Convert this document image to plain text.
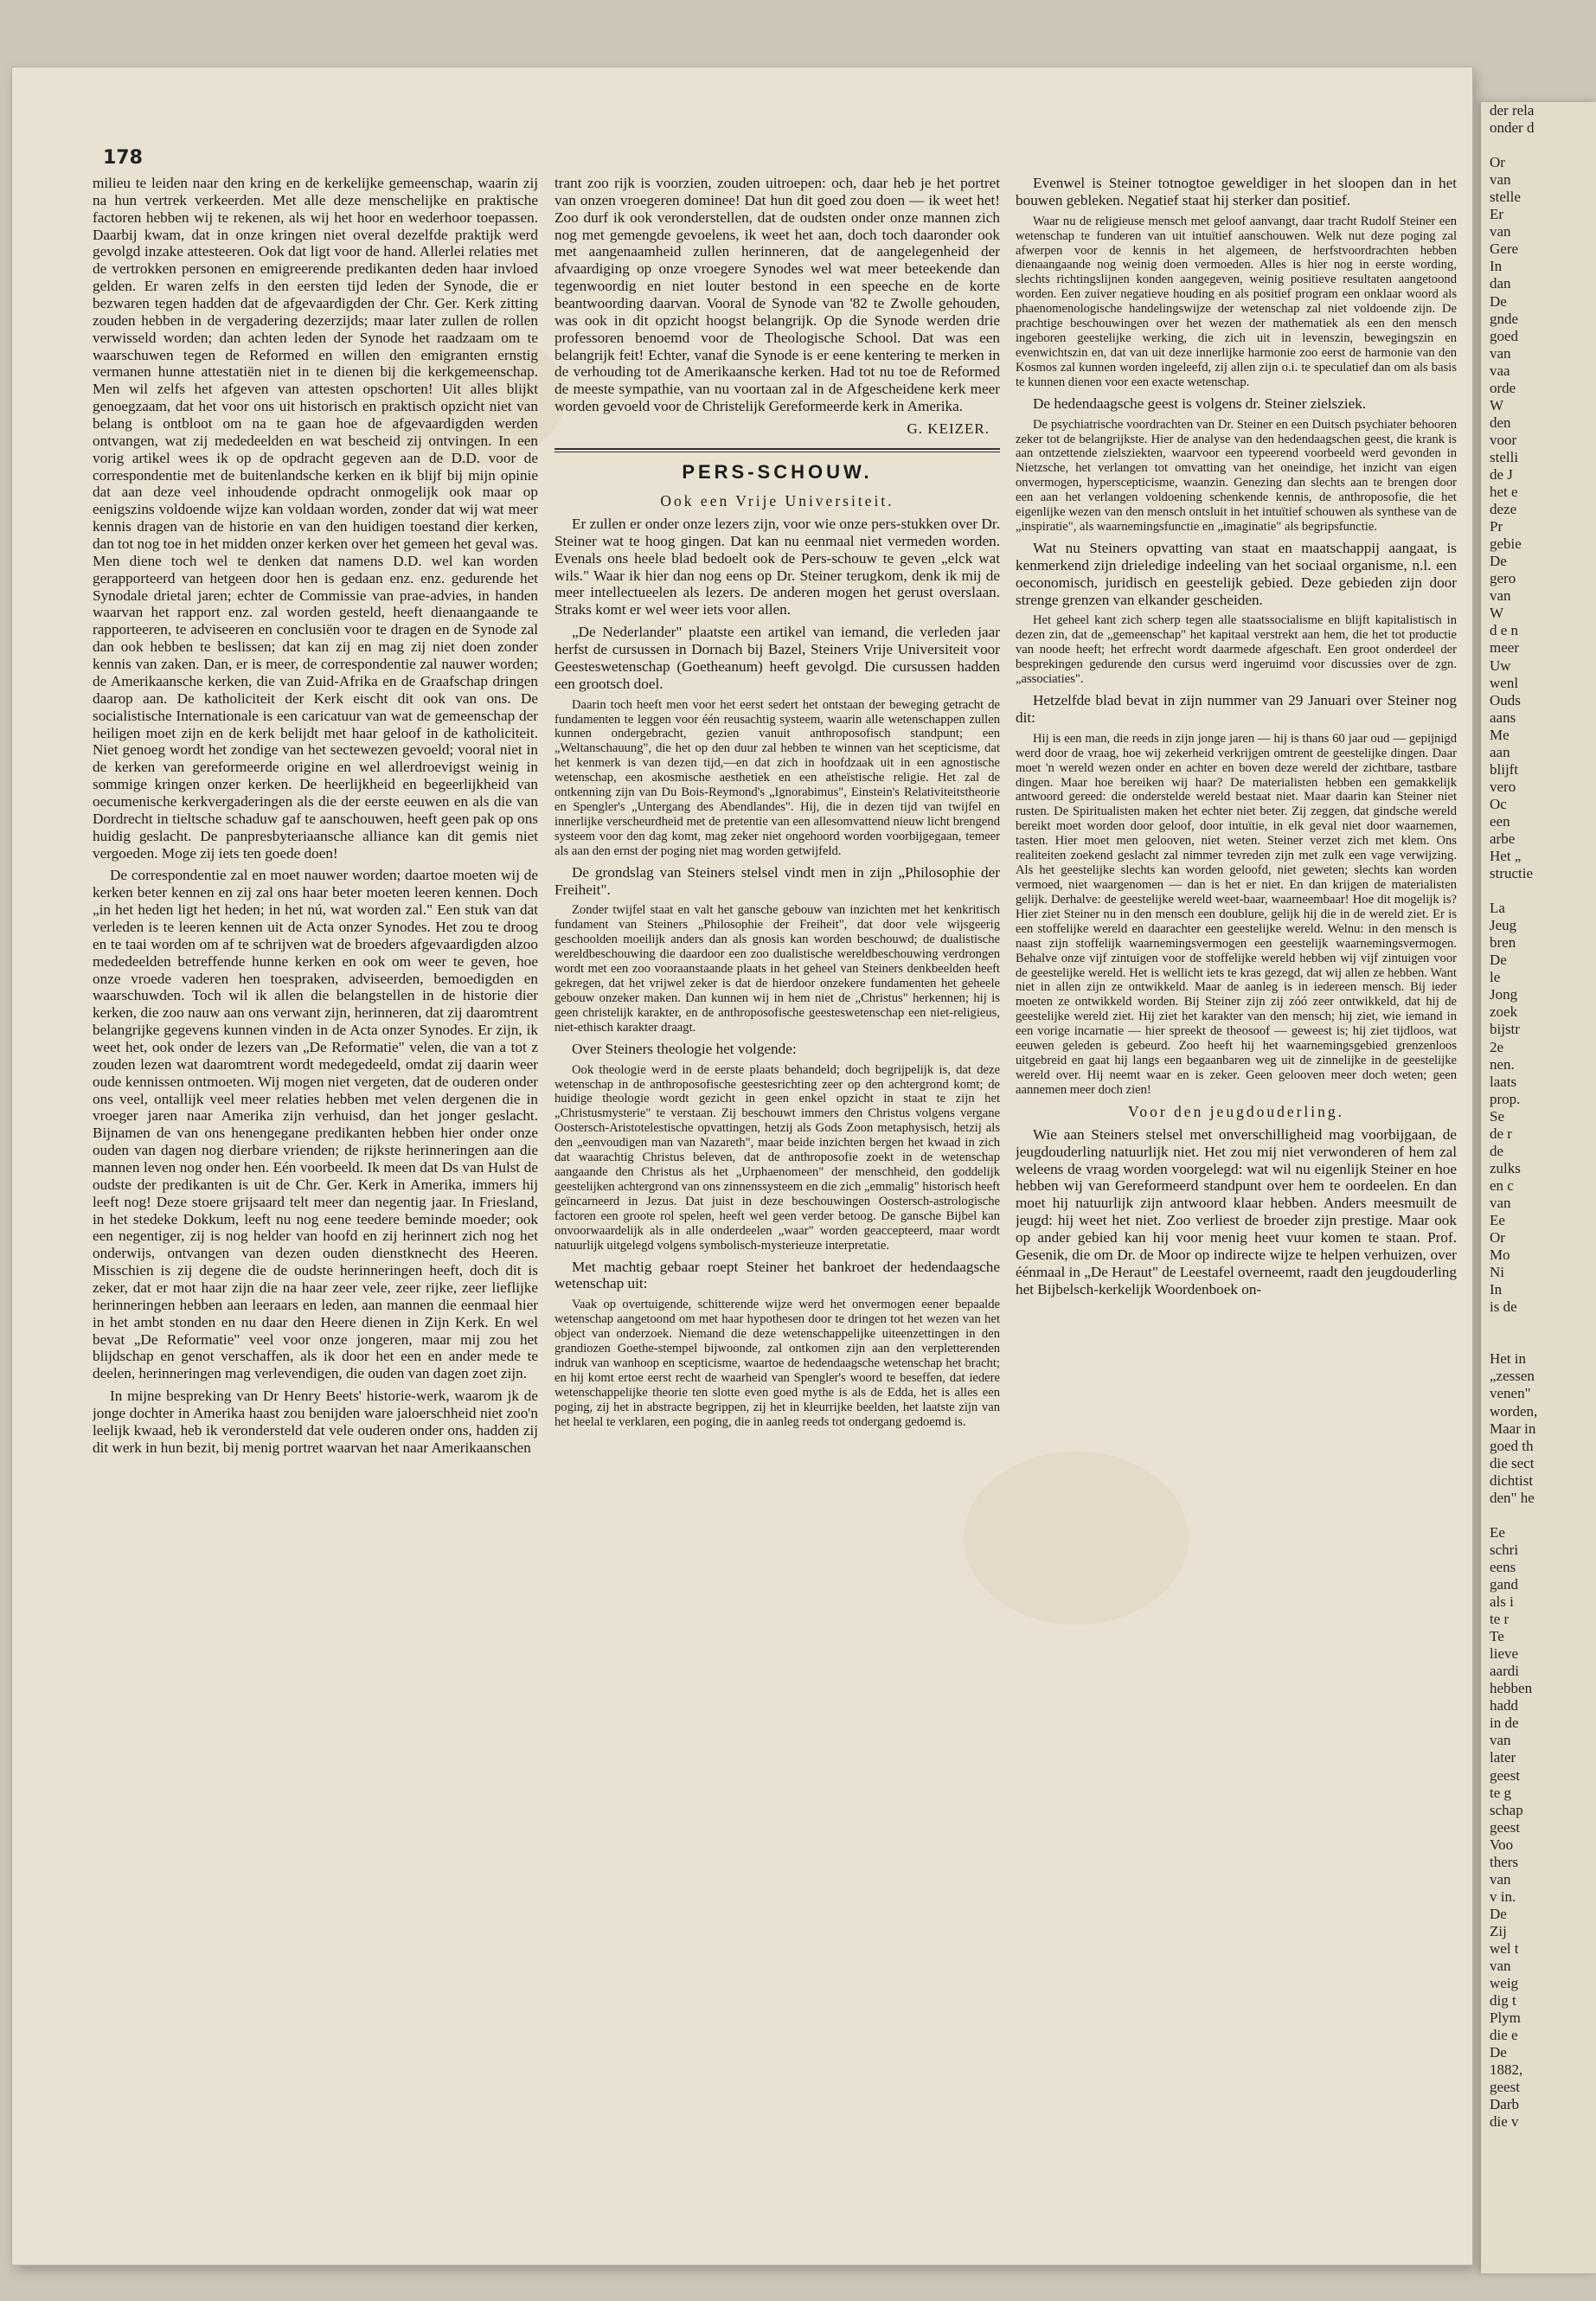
178

milieu te leiden naar den kring en de kerkelijke gemeenschap, waarin zij na hun vertrek verkeerden. Met alle deze menschelijke en praktische factoren hebben wij te rekenen, als wij het hoor en wederhoor toepassen. Daarbij kwam, dat in onze kringen niet overal dezelfde praktijk werd gevolgd inzake attesteeren. Ook dat ligt voor de hand. Allerlei relaties met de vertrokken personen en emigreerende predikanten deden haar invloed gelden. Er waren zelfs in den eersten tijd leden der Synode, die er bezwaren tegen hadden dat de afgevaardigden der Chr. Ger. Kerk zitting zouden hebben in de vergadering dezerzijds; maar later zullen de rollen verwisseld worden; dan achten leden der Synode het raadzaam om te waarschuwen tegen de Reformed en willen den emigranten ernstig vermanen hunne attestatiën niet in te dienen bij die kerkgemeenschap. Men wil zelfs het afgeven van attesten opschorten! Uit alles blijkt genoegzaam, dat het voor ons uit historisch en praktisch opzicht niet van belang is ontbloot om na te gaan hoe de afgevaardigden werden ontvangen, wat zij mededeelden en wat bescheid zij ontvingen. In een vorig artikel wees ik op de opdracht gegeven aan de D.D. voor de correspondentie met de buitenlandsche kerken en ik blijf bij mijn opinie dat aan deze veel inhoudende opdracht onmogelijk ook maar op eenigszins voldoende wijze kan voldaan worden, zonder dat wij wat meer kennis dragen van de historie en van den huidigen toestand dier kerken, dan tot nog toe in het midden onzer kerken over het gemeen het geval was. Men diene toch wel te denken dat namens D.D. wel kan worden gerapporteerd van hetgeen door hen is gedaan enz. enz. gedurende het Synodale drietal jaren; echter de Commissie van prae-advies, in handen waarvan het rapport enz. zal worden gesteld, heeft dienaangaande te rapporteeren, te adviseeren en conclusiën voor te dragen en de Synode zal dan ook hebben te beslissen; dat kan zij en mag zij niet doen zonder kennis van zaken. Dan, er is meer, de correspondentie zal nauwer worden; de Amerikaansche kerken, die van Zuid-Afrika en de Graafschap dringen daarop aan. De katholiciteit der Kerk eischt dit ook van ons. De socialistische Internationale is een caricatuur van wat de gemeenschap der heiligen moet zijn en de kerk belijdt met haar geloof in de katholiciteit. Niet genoeg wordt het zondige van het sectewezen gevoeld; vooral niet in de kerken van gereformeerde origine en wel allerdroevigst weinig in sommige kringen onzer kerken. De heerlijkheid en begeerlijkheid van oecumenische kerkvergaderingen als die der eerste eeuwen en als die van Dordrecht in tieltsche schaduw gaf te aanschouwen, heeft geen pak op ons huidig geslacht. De panpresbyteriaansche alliance kan dit gemis niet vergoeden. Moge zij iets ten goede doen!

De correspondentie zal en moet nauwer worden; daartoe moeten wij de kerken beter kennen en zij zal ons haar beter moeten leeren kennen. Doch „in het heden ligt het heden; in het nú, wat worden zal." Een stuk van dat verleden is te leeren kennen uit de Acta onzer Synodes. Het zou te droog en te taai worden om af te schrijven wat de broeders afgevaardigden alzoo mededeelden betreffende hunne kerken en ook om weer te geven, hoe onze vroede vaderen hen toespraken, adviseerden, bemoedigden en waarschuwden. Toch wil ik allen die belangstellen in de historie dier kerken, die zoo nauw aan ons verwant zijn, herinneren, dat zij daaromtrent belangrijke gegevens kunnen vinden in de Acta onzer Synodes. Er zijn, ik weet het, ook onder de lezers van „De Reformatie" velen, die van a tot z zouden lezen wat daaromtrent wordt medegedeeld, omdat zij daarin weer oude kennissen ontmoeten. Wij mogen niet vergeten, dat de ouderen onder ons veel, ontallijk veel meer relaties hebben met velen dergenen die in vroeger jaren naar Amerika zijn verhuisd, dan het jonger geslacht. Bijnamen de van ons henengegane predikanten hebben hier onder onze ouden van dagen nog dierbare vrienden; de rijkste herinneringen aan die mannen leven nog onder hen. Eén voorbeeld. Ik meen dat Ds van Hulst de oudste der predikanten is uit de Chr. Ger. Kerk in Amerika, immers hij leeft nog! Deze stoere grijsaard telt meer dan negentig jaar. In Friesland, in het stedeke Dokkum, leeft nu nog eene teedere beminde moeder; ook een negentiger, zij is nog helder van hoofd en zij herinnert zich nog het onderwijs, ontvangen van dezen ouden dienstknecht des Heeren. Misschien is zij degene die de oudste herinneringen heeft, doch dit is zeker, dat er mot haar zijn die na haar zeer vele, zeer rijke, zeer lieflijke herinneringen hebben aan leeraars en leden, aan mannen die eenmaal hier in het ambt stonden en nu daar den Heere dienen in Zijn Kerk. En wel bevat „De Reformatie" veel voor onze jongeren, maar mij zou het blijdschap en genot verschaffen, als ik door het een en ander mede te deelen, herinneringen mag verlevendigen, die ouden van dagen zoet zijn.

In mijne bespreking van Dr Henry Beets' historie-werk, waarom jk de jonge dochter in Amerika haast zou benijden ware jaloerschheid niet zoo'n leelijk kwaad, heb ik verondersteld dat vele ouderen onder ons, hadden zij dit werk in hun bezit, bij menig portret waarvan het naar Amerikaanschen

trant zoo rijk is voorzien, zouden uitroepen: och, daar heb je het portret van onzen vroegeren dominee! Dat hun dit goed zou doen — ik weet het! Zoo durf ik ook veronderstellen, dat de oudsten onder onze mannen zich nog met gemengde gevoelens, ik weet het aan, doch toch daaronder ook met aangenaamheid zullen herinneren, dat de aangelegenheid der afvaardiging op onze vroegere Synodes wel wat meer beteekende dan tegenwoordig en niet louter bestond in een speeche en de korte beantwoording daarvan. Vooral de Synode van '82 te Zwolle gehouden, was ook in dit opzicht hoogst belangrijk. Op die Synode werden drie professoren benoemd voor de Theologische School. Dat was een belangrijk feit! Echter, vanaf die Synode is er eene kentering te merken in de verhouding tot de Amerikaansche kerken. Had tot nu toe de Reformed de meeste sympathie, van nu voortaan zal in de Afgescheidene kerk meer worden gevoeld voor de Christelijk Gereformeerde kerk in Amerika.

G. KEIZER.
PERS-SCHOUW.
Ook een Vrije Universiteit.

Er zullen er onder onze lezers zijn, voor wie onze pers-stukken over Dr. Steiner wat te hoog gingen. Dat kan nu eenmaal niet vermeden worden. Evenals ons heele blad bedoelt ook de Pers-schouw te geven „elck wat wils." Waar ik hier dan nog eens op Dr. Steiner terugkom, denk ik mij de meer intellectueelen als lezers. De anderen mogen het gerust overslaan. Straks komt er wel weer iets voor allen.

„De Nederlander" plaatste een artikel van iemand, die verleden jaar herfst de cursussen in Dornach bij Bazel, Steiners Vrije Universiteit voor Geesteswetenschap (Goetheanum) heeft gevolgd. Die cursussen hadden een grootsch doel.

Daarin toch heeft men voor het eerst sedert het ontstaan der beweging getracht de fundamenten te leggen voor één reusachtig systeem, waarin alle wetenschappen zullen kunnen ondergebracht, gezien vanuit anthroposofisch standpunt; een „Weltanschauung", die het op den duur zal hebben te winnen van het scepticisme, dat het kenmerk is van dezen tijd,—en dat zich in hoofdzaak uit in een agnostische wetenschap, een akosmische aesthetiek en een atheïstische religie. Het zal de ontkenning zijn van Du Bois-Reymond's „Ignorabimus", Einstein's Relativiteitstheorie en Spengler's „Untergang des Abendlandes". Hij, die in dezen tijd van twijfel en innerlijke verscheurdheid met de pretentie van een allesomvattend nieuw licht brengend systeem voor den dag komt, mag zeker niet ongehoord worden voorbijgegaan, temeer als aan den ernst der poging niet mag worden getwijfeld.

De grondslag van Steiners stelsel vindt men in zijn „Philosophie der Freiheit".

Zonder twijfel staat en valt het gansche gebouw van inzichten met het kenkritisch fundament van Steiners „Philosophie der Freiheit", dat door vele wijsgeerig geschoolden moeilijk anders dan als gnosis kan worden beschouwd; de dualistische wereldbeschouwing die daardoor een zoo dualistische wereldbeschouwing verdrongen wordt met een zoo vooraanstaande plaats in het geheel van Steiners denkbeelden heeft gekregen, dat het vrijwel zeker is dat de hierdoor onzekere fundamenten het geheele gebouw onzeker maken. Dan kunnen wij in hem niet de „Christus" herkennen; hij is geen christelijk karakter, en de anthroposofische geesteswetenschap een niet-religieus, niet-ethisch karakter draagt.

Over Steiners theologie het volgende:

Ook theologie werd in de eerste plaats behandeld; doch begrijpelijk is, dat deze wetenschap in de anthroposofische geestesrichting zeer op den achtergrond komt; de huidige theologie wordt gezicht in geen enkel opzicht in staat te zijn het „Christusmysterie" te verstaan. Zij beschouwt immers den Christus volgens vergane Oostersch-Aristotelestische opvattingen, hetzij als Gods Zoon metaphysisch, hetzij als den „eenvoudigen man van Nazareth", maar beide inzichten bergen het kwaad in zich dat waarachtig Christus beleven, dat de anthroposofie zoekt in de wetenschap aangaande den Christus als het „Urphaenomeen" der menschheid, den goddelijk geestelijken achtergrond van ons zinnenssysteem en die zich „emmalig" historisch heeft geïncarneerd in Jezus. Dat juist in deze beschouwingen Oostersch-astrologische factoren een groote rol spelen, heeft wel geen verder betoog. De gansche Bijbel kan onvoorwaardelijk als in alle onderdeelen „waar" worden geaccepteerd, maar wordt natuurlijk uitgelegd volgens symbolisch-mysterieuze interpretatie.

Met machtig gebaar roept Steiner het bankroet der hedendaagsche wetenschap uit:

Vaak op overtuigende, schitterende wijze werd het onvermogen eener bepaalde wetenschap aangetoond om met haar hypothesen door te dringen tot het wezen van het object van onderzoek. Niemand die deze wetenschappelijke uiteenzettingen in den grandiozen Goethe-stempel bijwoonde, zal ontkomen zijn aan den verpletterenden indruk van wanhoop en scepticisme, waartoe de hedendaagsche wetenschap het bracht; en hij komt ertoe eerst recht de waarheid van Spengler's woord te beseffen, dat iedere wetenschappelijke theorie ten slotte even goed mythe is als de Edda, het is alles een poging, zij het in abstracte begrippen, zij het in kleurrijke beelden, het laatste zijn van het heelal te verklaren, een poging, die in aanleg reeds tot ondergang gedoemd is.

Evenwel is Steiner totnogtoe geweldiger in het sloopen dan in het bouwen gebleken. Negatief staat hij sterker dan positief.

Waar nu de religieuse mensch met geloof aanvangt, daar tracht Rudolf Steiner een wetenschap te funderen van uit intuïtief aanschouwen. Welk nut deze poging zal afwerpen voor de kennis in het algemeen, de herfstvoordrachten hebben dienaangaande nog weinig doen vermoeden. Alles is hier nog in eerste wording, slechts richtingslijnen konden aangegeven, weinig positieve resultaten aangetoond worden. Een zuiver negatieve houding en als positief program een onklaar woord als phaenomenologische handelingswijze der wetenschap zal niet voldoende zijn. De prachtige beschouwingen over het wezen der mathematiek als een den mensch ingeboren geestelijke werking, die zich uit in levenszin, bewegingszin en evenwichtszin en, dat van uit deze innerlijke harmonie zoo eerst de harmonie van den Kosmos zal kunnen worden ingeleefd, zij allen zijn o.i. te speculatief dan om als basis te kunnen dienen voor een exacte wetenschap.

De hedendaagsche geest is volgens dr. Steiner zielsziek.

De psychiatrische voordrachten van Dr. Steiner en een Duitsch psychiater behooren zeker tot de belangrijkste. Hier de analyse van den hedendaagschen geest, die krank is aan ontzettende zielsziekten, waarvoor een typeerend voorbeeld werd gevonden in Nietzsche, het verlangen tot omvatting van het oneindige, het inzicht van eigen onvermogen, hyperscepticisme, waanzin. Genezing dan slechts aan te brengen door een aan het verlangen voldoening schenkende kennis, de anthroposofie, die het eigenlijke wezen van den mensch ontsluit in het intuïtief schouwen als synthese van de „inspiratie", als waarnemingsfunctie en „imaginatie" als begripsfunctie.

Wat nu Steiners opvatting van staat en maatschappij aangaat, is kenmerkend zijn drieledige indeeling van het sociaal organisme, n.l. een oeconomisch, juridisch en geestelijk gebied. Deze gebieden zijn door strenge grenzen van elkander gescheiden.

Het geheel kant zich scherp tegen alle staatssocialisme en blijft kapitalistisch in dezen zin, dat de „gemeenschap" het kapitaal verstrekt aan hem, die het tot productie van noode heeft; het erfrecht wordt daarmede afgeschaft. Een groot onderdeel der besprekingen gedurende den cursus werd ingeruimd voor discussies over de zgn. „associaties".

Hetzelfde blad bevat in zijn nummer van 29 Januari over Steiner nog dit:

Hij is een man, die reeds in zijn jonge jaren — hij is thans 60 jaar oud — gepijnigd werd door de vraag, hoe wij zekerheid verkrijgen omtrent de geestelijke dingen. Daar moet 'n wereld wezen onder en achter en boven deze wereld der zichtbare, tastbare dingen. Maar hoe bereiken wij haar? De materialisten hebben een gemakkelijk antwoord gereed: die onderstelde wereld bestaat niet. Maar daarin kan Steiner niet rusten. De Spiritualisten maken het echter niet beter. Zij zeggen, dat gindsche wereld bereikt moet worden door geloof, door intuïtie, in elk geval niet door waarnemen, tasten. Hier moet men gelooven, niet weten. Steiner verzet zich met klem. Ons realiteiten zoekend geslacht zal nimmer tevreden zijn met zulk een vage verwijzing. Als het geestelijke slechts kan worden geloofd, niet geweten; slechts kan worden vermoed, niet waargenomen — dan is het er niet. En dan krijgen de materialisten gelijk. Derhalve: de geestelijke wereld weet-baar, waarneembaar! Hoe dit mogelijk is? Hier ziet Steiner nu in den mensch een doublure, gelijk hij die in de wereld ziet. Er is een stoffelijke wereld en daarachter een geestelijke wereld. Welnu: in den mensch is naast zijn stoffelijk waarnemingsvermogen een geestelijk waarnemingsvermogen. Behalve onze vijf zintuigen voor de stoffelijke wereld hebben wij vijf zintuigen voor de geestelijke wereld. Het is wellicht iets te kras gezegd, dat wij allen ze hebben. Want niet in allen zijn ze ontwikkeld. Maar de aanleg is in iedereen mensch. Bij ieder moeten ze ontwikkeld worden. Bij Steiner zijn zij zóó zeer ontwikkeld, dat hij de geestelijke wereld ziet. Hij ziet het karakter van den mensch; hij ziet, wie iemand in een vorige incarnatie — hier spreekt de theosoof — geweest is; hij ziet tijdloos, wat eeuwen geleden is gebeurd. Zoo heeft hij het waarnemingsgebied grenzenloos uitgebreid en gaat hij langs een begaanbaren weg uit de zinnelijke in de geestelijke wereld over. Hij neemt waar en is zeker. Geen gelooven meer doch weten; geen aannemen meer doch zien!

Voor den jeugdouderling.

Wie aan Steiners stelsel met onverschilligheid mag voorbijgaan, de jeugdouderling natuurlijk niet. Het zou mij niet verwonderen of hem zal weleens de vraag worden voorgelegd: wat wil nu eigenlijk Steiner en hoe hebben wij van Gereformeerd standpunt over hem te oordeelen. En dan moet hij natuurlijk zijn antwoord klaar hebben. Anders meesmuilt de jeugd: hij weet het niet. Zoo verliest de broeder zijn prestige. Maar ook op ander gebied kan hij voor menig heet vuur komen te staan. Prof. Gesenik, die om Dr. de Moor op indirecte wijze te helpen verhuizen, over éénmaal in „De Heraut" de Leestafel overneemt, raadt den jeugdouderling het Bijbelsch-kerkelijk Woordenboek on-

der rela

onder d

Or

van

stelle

Er

van

Gere

In

dan

De

gnde

goed

van

vaa

orde

W

den

voor

stelli

de J

het e

deze

Pr

gebie

De

gero

van

W

d e n

meer

Uw

wenl

Ouds

aans

Me

aan

blijft

vero

Oc

een

arbe

Het „

structie

La

Jeug

bren

De

le

Jong

zoek

bijstr

2e

nen.

laats

prop.

Se

de r

de

zulks

en c

van

Ee

Or

Mo

Ni

In

is de

Het in

„zessen

venen"

worden,

Maar in

goed th

die sect

dichtist

den" he

Ee

schri

eens

gand

als i

te r

Te

lieve

aardi

hebben

hadd

in de

van

later

geest

te g

schap

geest

Voo

thers

van

v in.

De

Zij

wel t

van

weig

dig t

Plym

die e

De

1882,

geest

Darb

die v
